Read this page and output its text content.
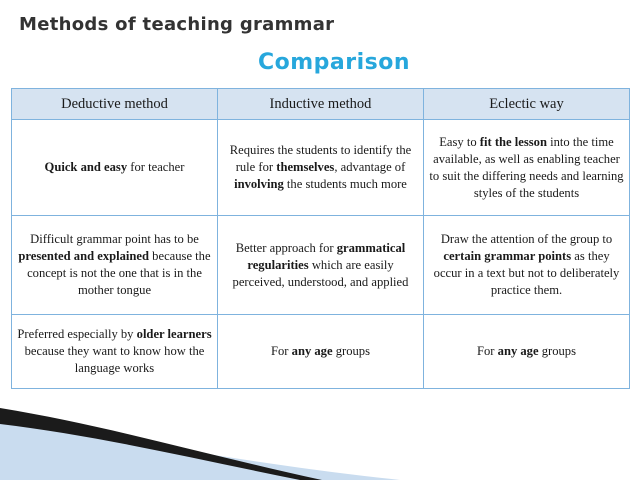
Methods of teaching grammar
Comparison
Deductive method	Inductive method	Eclectic way
Quick and easy for teacher	Requires the students to identify the rule for themselves, advantage of involving the students much more	Easy to fit the lesson into the time available, as well as enabling teacher to suit the differing needs and learning styles of the students
Difficult grammar point has to be presented and explained because the concept is not the one that is in the mother tongue	Better approach for grammatical regularities which are easily perceived, understood, and applied	Draw the attention of the group to certain grammar points as they occur in a text but not to deliberately practice them.
Preferred especially by older learners because they want to know how the language works	For any age groups	For any age groups
